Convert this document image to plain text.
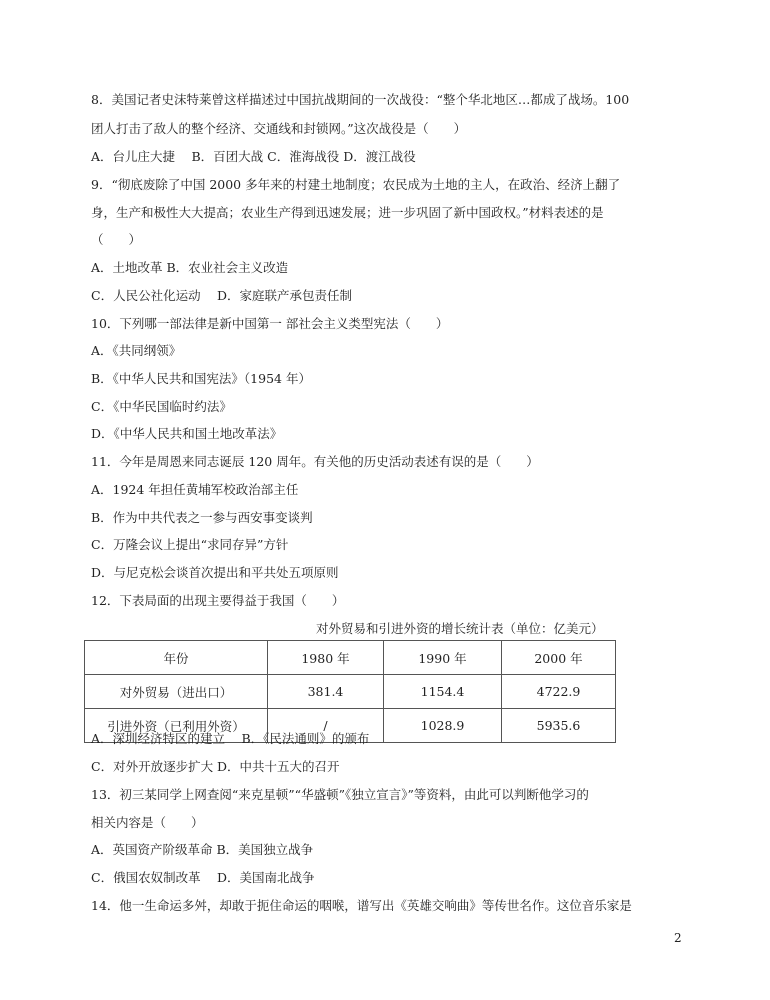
8．美国记者史沫特莱曾这样描述过中国抗战期间的一次战役：“整个华北地区…都成了战场。100
团人打击了敌人的整个经济、交通线和封锁网。”这次战役是（　　）
A．台儿庄大捷　 B．百团大战 C．淮海战役 D．渡江战役
9．“彻底废除了中国 2000 多年来的村建土地制度；农民成为土地的主人，在政治、经济上翻了
身，生产和极性大大提高；农业生产得到迅速发展；进一步巩固了新中国政权。”材料表述的是
（　　）
A．土地改革 B．农业社会主义改造
C．人民公社化运动　 D．家庭联产承包责任制
10．下列哪一部法律是新中国第一 部社会主义类型宪法（　　）
A．《共同纲领》
B．《中华人民共和国宪法》（1954 年）
C．《中华民国临时约法》
D．《中华人民共和国土地改革法》
11．今年是周恩来同志诞辰 120 周年。有关他的历史活动表述有误的是（　　）
A．1924 年担任黄埔军校政治部主任
B．作为中共代表之一参与西安事变谈判
C．万隆会议上提出“求同存异”方针
D．与尼克松会谈首次提出和平共处五项原则
12．下表局面的出现主要得益于我国（　　）
对外贸易和引进外资的增长统计表（单位：亿美元）
年份	1980 年	1990 年	2000 年
对外贸易（进出口）	381.4	1154.4	4722.9
引进外资（已利用外资）	/	1028.9	5935.6
A．深圳经济特区的建立　 B．《民法通则》的颁布
C．对外开放逐步扩大 D．中共十五大的召开
13．初三某同学上网查阅“来克星顿”“华盛顿”《独立宣言》”等资料，由此可以判断他学习的
相关内容是（　　）
A．英国资产阶级革命 B．美国独立战争
C．俄国农奴制改革　 D．美国南北战争
14．他一生命运多舛，却敢于扼住命运的咽喉，谱写出《英雄交响曲》等传世名作。这位音乐家是
2
